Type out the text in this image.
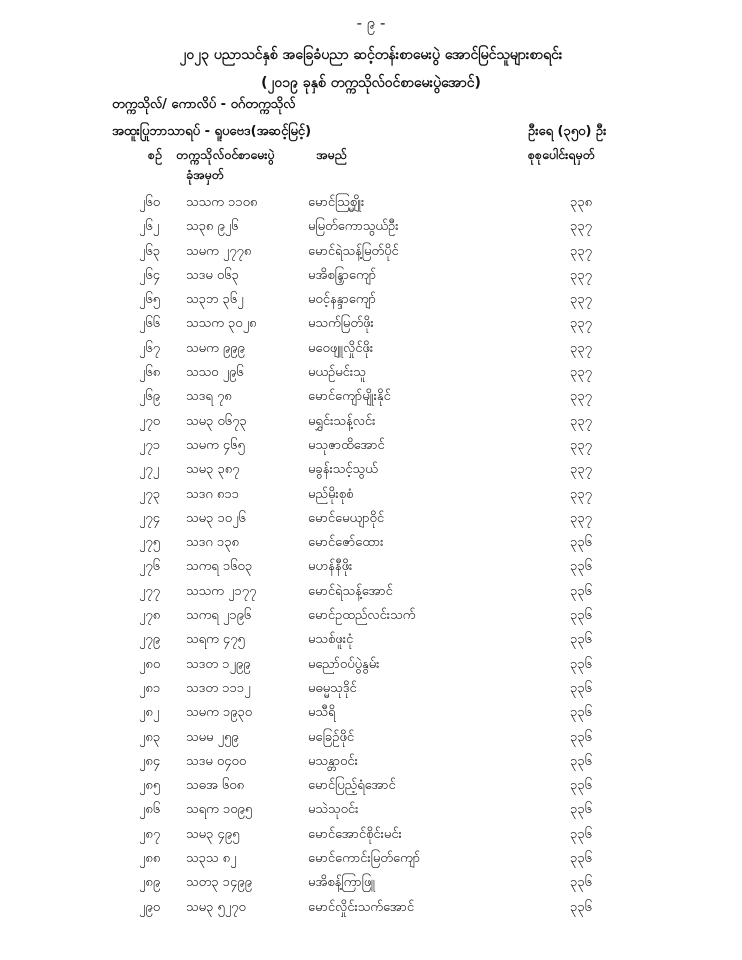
- ၉ -
၂၀၂၃ ပညာသင်နှစ် အခြေခံပညာ ဆင့်တန်းစာမေးပွဲ အောင်မြင်သူများစာရင်း
(၂၀၁၉ ခုနှစ် တက္ကသိုလ်ဝင်စာမေးပွဲအောင်)
တက္ကသိုလ်/ ကောလိပ် - ဝဂ်တက္ကသိုလ်
အထူးပြုဘာသာရပ် - ရူပဗေဒ(အဆင့်မြင့်)	ဦးရေ (၃၅၀) ဦး
စဉ် တက္ကသိုလ်ဝင်စာမေးပွဲ
ခုံအမှတ်
အမည်	စုစုပေါင်းရမှတ်
၂၆၀ သသက ၁၁၀၈	မောင်သြစ္မျိုး	၃၃၈
၂၆၂ သ၃၈ ၉၂၆	မမြတ်ကောသွယ်ဦး	၃၃၇
၂၆၃ သမက ၂၇၇၈	မောင်ရဲသန့်မြတ်ပိုင်	၃၃၇
၂၆၄ သဒမ ၀၆၃	မအိစန္ဒြာကျော်	၃၃၇
၂၆၅ သ၃ဘ ၃၆၂	မဝင့်နန္ဒာကျော်	၃၃၇
၂၆၆ သသက ၃၀၂၈	မသက်မြတ်ဖိုး	၃၃၇
၂၆၇ သမက ၉၉၉	မဝေဖျူလှိုင်ဖိုး	၃၃၇
၂၆၈ သသ၀ ၂၉၆	မယဉ်မင်းသူ	၃၃၇
၂၆၉ သဒရ ၇၈	မောင်ကျော်မျိုးနိုင်	၃၃၇
၂၇၀ သမ၃ ၀၆၇၃	မရွှင်းသန့်လင်း	၃၃၇
၂၇၁ သမက ၄၆၅	မသုဇာထိအောင်	၃၃၇
၂၇၂ သမ၃ ၃၈၇	မခွန်းသင့်သွယ်	၃၃၇
၂၇၃ သဒဂ ၈၁၁	မည်မိုးစုစံ	၃၃၇
၂၇၄ သမ၃ ၁၀၂၆	မောင်မေယျာဝိုင်	၃၃၇
၂၇၅ သဒဂ ၁၃၈	မောင်ဇော်ထေား	၃၃၆
၂၇၆ သကရ ၁၆၀၃	မဟန်နီဖိုး	၃၃၆
၂၇၇ သသက ၂၁၇၇	မောင်ရဲသန့်အောင်	၃၃၆
၂၇၈ သကရ ၂၁၉၆	မောင်ဥထည်လင်းသက်	၃၃၆
၂၇၉ သရက ၄၇၅	မသစ်ဖူးငုံ	၃၃၆
၂၈၀ သဒတ ၁၂၉၉	မညော်ဝပ်ပွဲနွမ်း	၃၃၆
၂၈၁ သဒတ ၁၁၁၂	မဓမ္မသုဒိုင်	၃၃၆
၂၈၂ သမက ၁၉၃၀	မသီရိ	၃၃၆
၂၈၃ သမမ ၂၅၉	မခြေဉ်ဖိုင်	၃၃၆
၂၈၄ သဒမ ၀၄၀၀	မသန္တာဝင်း	၃၃၆
၂၈၅ သဓအ ၆၀၈	မောင်ပြည့်ရံအောင်	၃၃၆
၂၈၆ သရက ၁၀၉၅	မသဲသုဝင်း	၃၃၆
၂၈၇ သမ၃ ၄၉၅	မောင်အောင်စိုင်းမင်း	၃၃၆
၂၈၈ သ၃သ ၈၂	မောင်ကောင်းမြတ်ကျော်	၃၃၆
၂၈၉ သတ၃ ၁၄၉၉	မအိစန့်ကြာဖြူ	၃၃၆
၂၉၀ သမ၃ ၅၂၇၀	မောင်လှိုင်းသက်အောင်	၃၃၆
